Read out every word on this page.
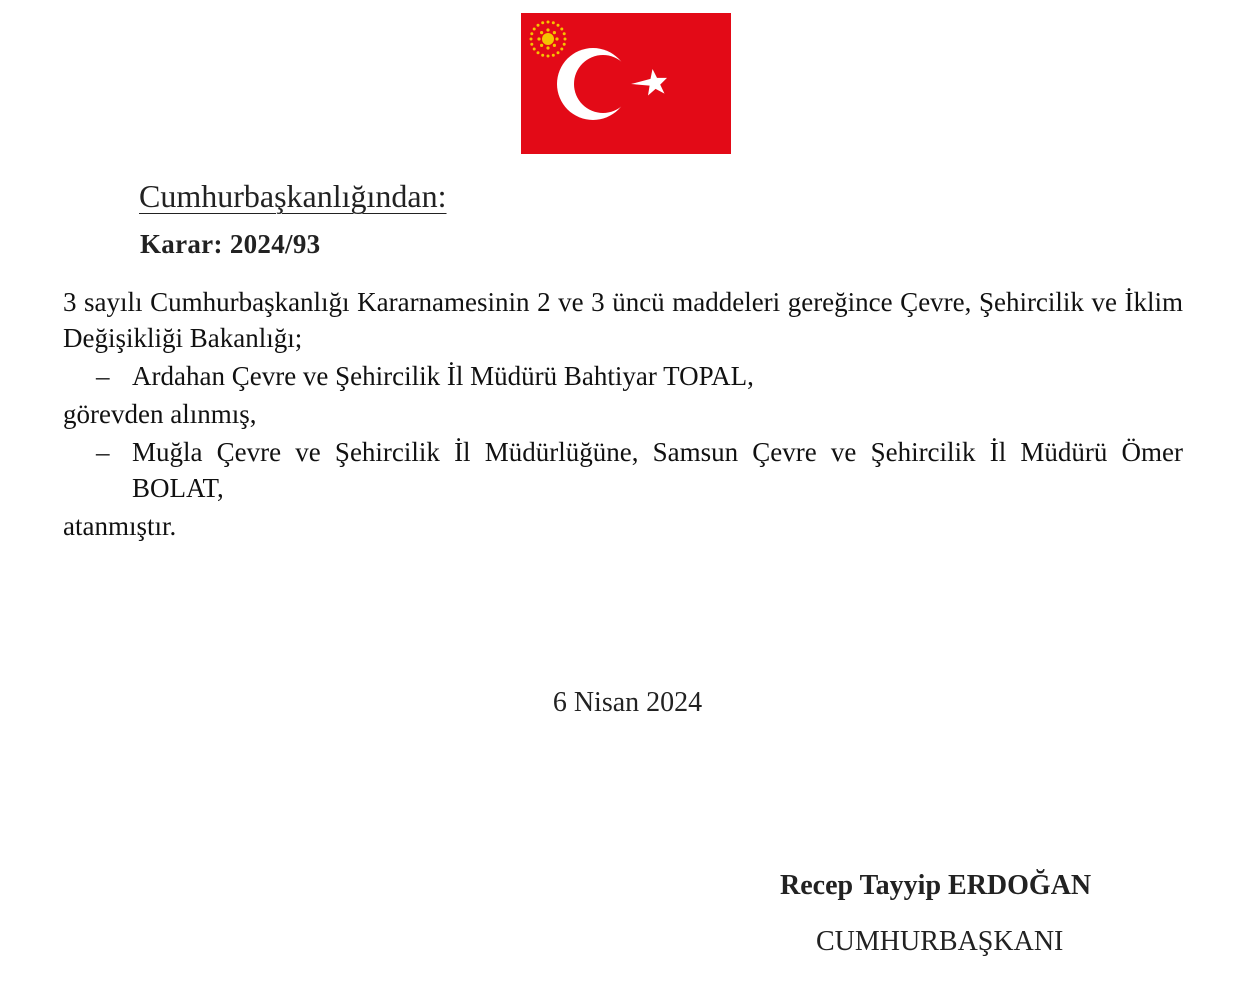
Cumhurbaşkanlığından:
Karar: 2024/93

3 sayılı Cumhurbaşkanlığı Kararnamesinin 2 ve 3 üncü maddeleri gereğince Çevre, Şehircilik ve İklim Değişikliği Bakanlığı;

– Ardahan Çevre ve Şehircilik İl Müdürü Bahtiyar TOPAL,
görevden alınmış,
– Muğla Çevre ve Şehircilik İl Müdürlüğüne, Samsun Çevre ve Şehircilik İl Müdürü Ömer BOLAT,
atanmıştır.
6 Nisan 2024
Recep Tayyip ERDOĞAN
CUMHURBAŞKANI
